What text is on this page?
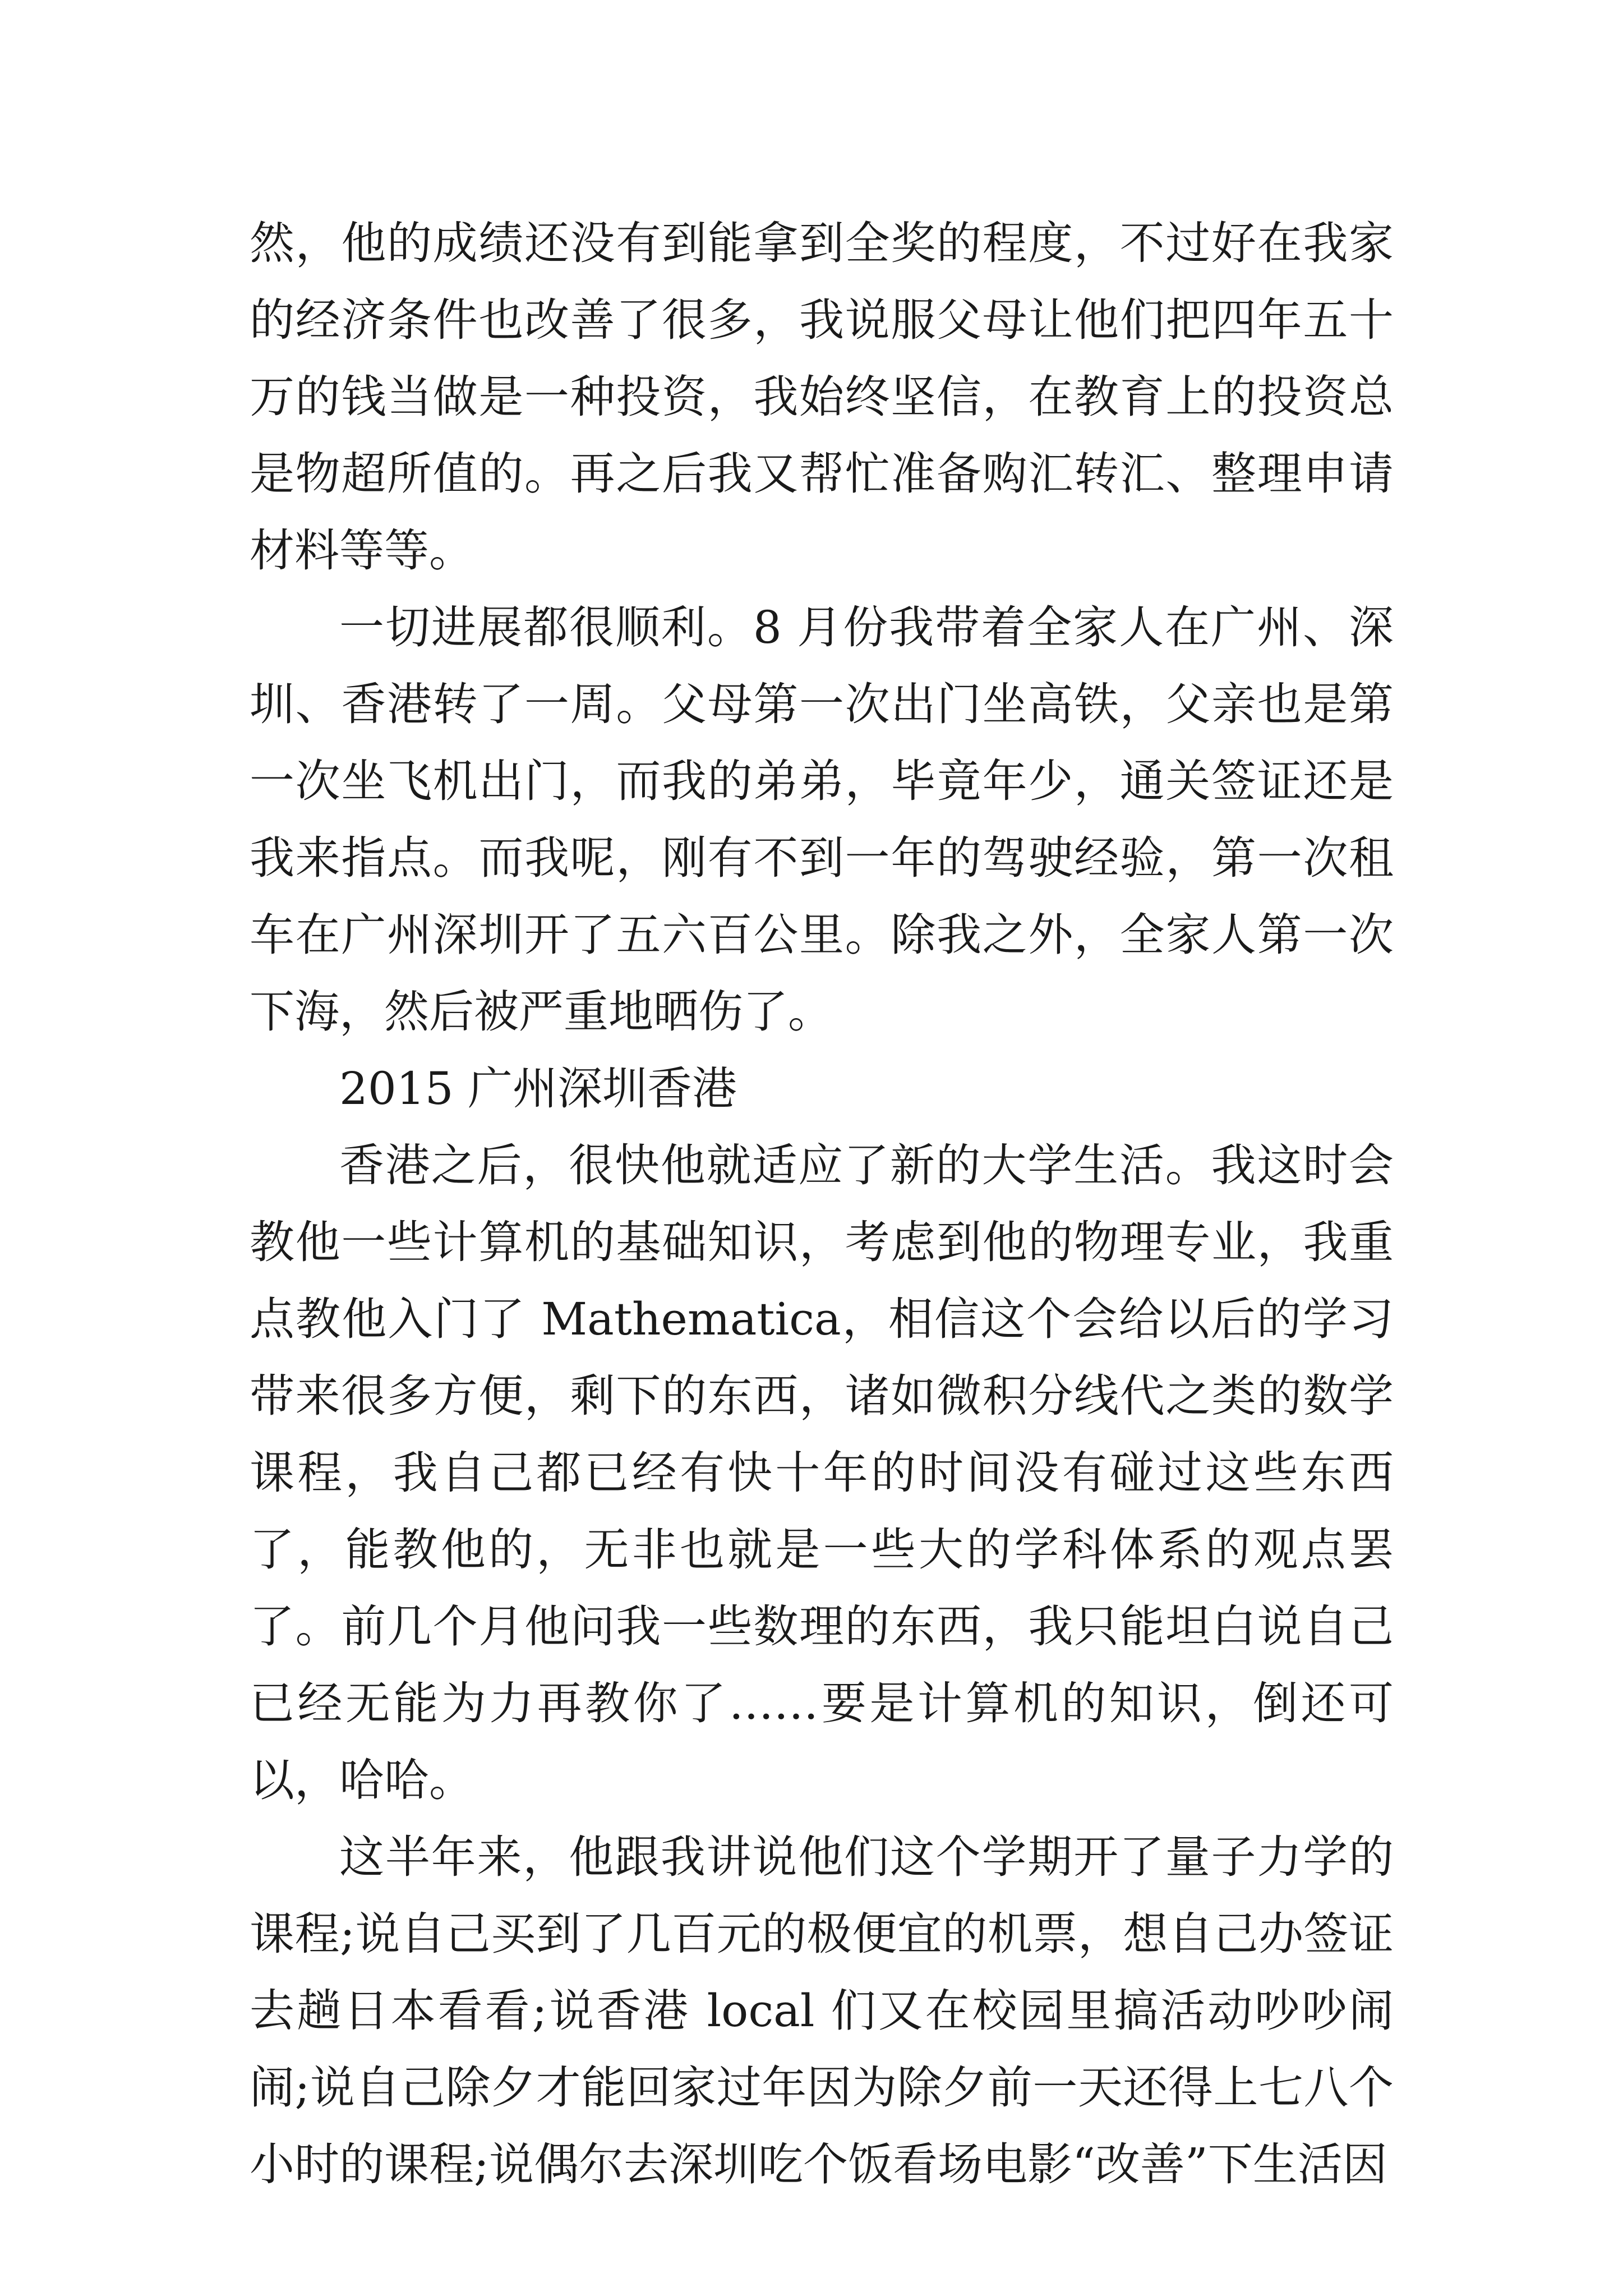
然，他的成绩还没有到能拿到全奖的程度，不过好在我家的经济条件也改善了很多，我说服父母让他们把四年五十万的钱当做是一种投资，我始终坚信，在教育上的投资总是物超所值的。再之后我又帮忙准备购汇转汇、整理申请材料等等。

一切进展都很顺利。8 月份我带着全家人在广州、深圳、香港转了一周。父母第一次出门坐高铁，父亲也是第一次坐飞机出门，而我的弟弟，毕竟年少，通关签证还是我来指点。而我呢，刚有不到一年的驾驶经验，第一次租车在广州深圳开了五六百公里。除我之外，全家人第一次下海，然后被严重地晒伤了。

2015 广州深圳香港

香港之后，很快他就适应了新的大学生活。我这时会教他一些计算机的基础知识，考虑到他的物理专业，我重点教他入门了 Mathematica，相信这个会给以后的学习带来很多方便，剩下的东西，诸如微积分线代之类的数学课程，我自己都已经有快十年的时间没有碰过这些东西了，能教他的，无非也就是一些大的学科体系的观点罢了。前几个月他问我一些数理的东西，我只能坦白说自己已经无能为力再教你了……要是计算机的知识，倒还可以，哈哈。

这半年来，他跟我讲说他们这个学期开了量子力学的课程;说自己买到了几百元的极便宜的机票，想自己办签证去趟日本看看;说香港 local 们又在校园里搞活动吵吵闹闹;说自己除夕才能回家过年因为除夕前一天还得上七八个小时的课程;说偶尔去深圳吃个饭看场电影“改善”下生活因
